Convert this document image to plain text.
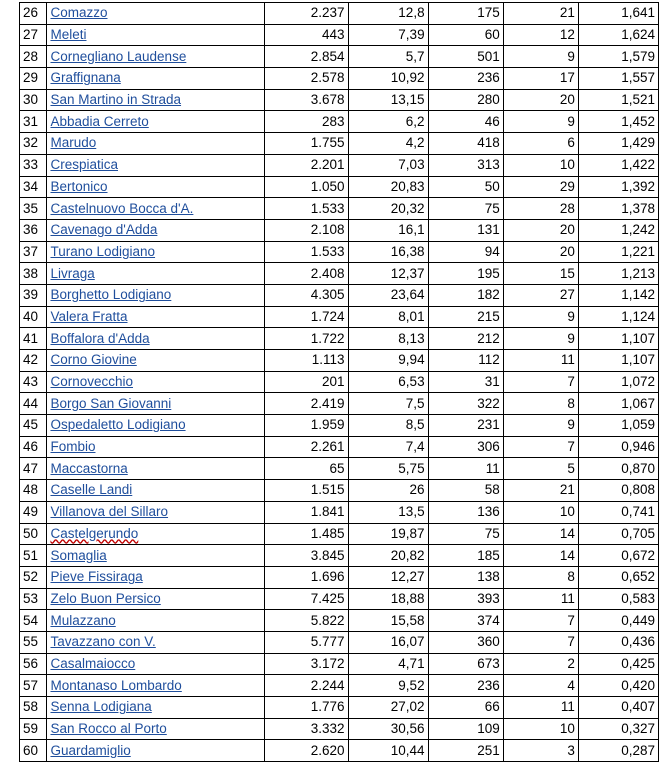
26	Comazzo	2.237	12,8	175	21	1,641
27	Meleti	443	7,39	60	12	1,624
28	Cornegliano Laudense	2.854	5,7	501	9	1,579
29	Graffignana	2.578	10,92	236	17	1,557
30	San Martino in Strada	3.678	13,15	280	20	1,521
31	Abbadia Cerreto	283	6,2	46	9	1,452
32	Marudo	1.755	4,2	418	6	1,429
33	Crespiatica	2.201	7,03	313	10	1,422
34	Bertonico	1.050	20,83	50	29	1,392
35	Castelnuovo Bocca d'A.	1.533	20,32	75	28	1,378
36	Cavenago d'Adda	2.108	16,1	131	20	1,242
37	Turano Lodigiano	1.533	16,38	94	20	1,221
38	Livraga	2.408	12,37	195	15	1,213
39	Borghetto Lodigiano	4.305	23,64	182	27	1,142
40	Valera Fratta	1.724	8,01	215	9	1,124
41	Boffalora d'Adda	1.722	8,13	212	9	1,107
42	Corno Giovine	1.113	9,94	112	11	1,107
43	Cornovecchio	201	6,53	31	7	1,072
44	Borgo San Giovanni	2.419	7,5	322	8	1,067
45	Ospedaletto Lodigiano	1.959	8,5	231	9	1,059
46	Fombio	2.261	7,4	306	7	0,946
47	Maccastorna	65	5,75	11	5	0,870
48	Caselle Landi	1.515	26	58	21	0,808
49	Villanova del Sillaro	1.841	13,5	136	10	0,741
50	Castelgerundo	1.485	19,87	75	14	0,705
51	Somaglia	3.845	20,82	185	14	0,672
52	Pieve Fissiraga	1.696	12,27	138	8	0,652
53	Zelo Buon Persico	7.425	18,88	393	11	0,583
54	Mulazzano	5.822	15,58	374	7	0,449
55	Tavazzano con V.	5.777	16,07	360	7	0,436
56	Casalmaiocco	3.172	4,71	673	2	0,425
57	Montanaso Lombardo	2.244	9,52	236	4	0,420
58	Senna Lodigiana	1.776	27,02	66	11	0,407
59	San Rocco al Porto	3.332	30,56	109	10	0,327
60	Guardamiglio	2.620	10,44	251	3	0,287
